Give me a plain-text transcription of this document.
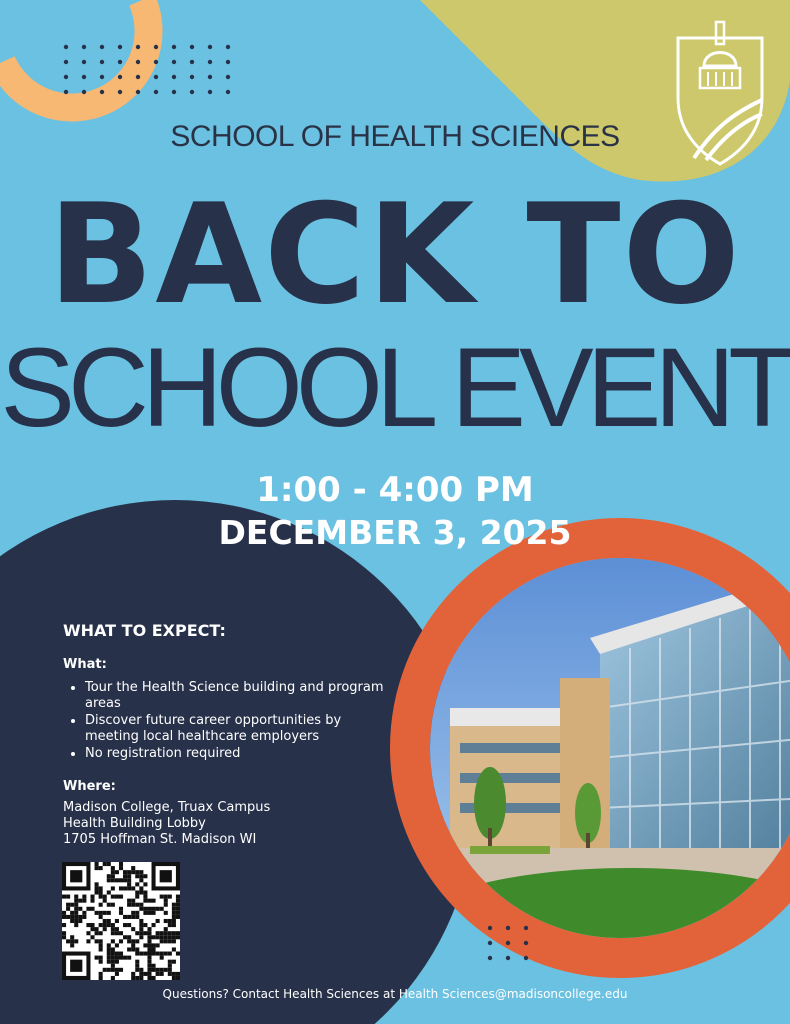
SCHOOL OF HEALTH SCIENCES
BACK TO
SCHOOL EVENT
1:00 - 4:00 PM
DECEMBER 3, 2025
WHAT TO EXPECT:
What:
• Tour the Health Science building and program areas
• Discover future career opportunities by meeting local healthcare employers
• No registration required
Where:
Madison College, Truax Campus
Health Building Lobby
1705 Hoffman St. Madison WI
Questions? Contact Health Sciences at Health Sciences@madisoncollege.edu
